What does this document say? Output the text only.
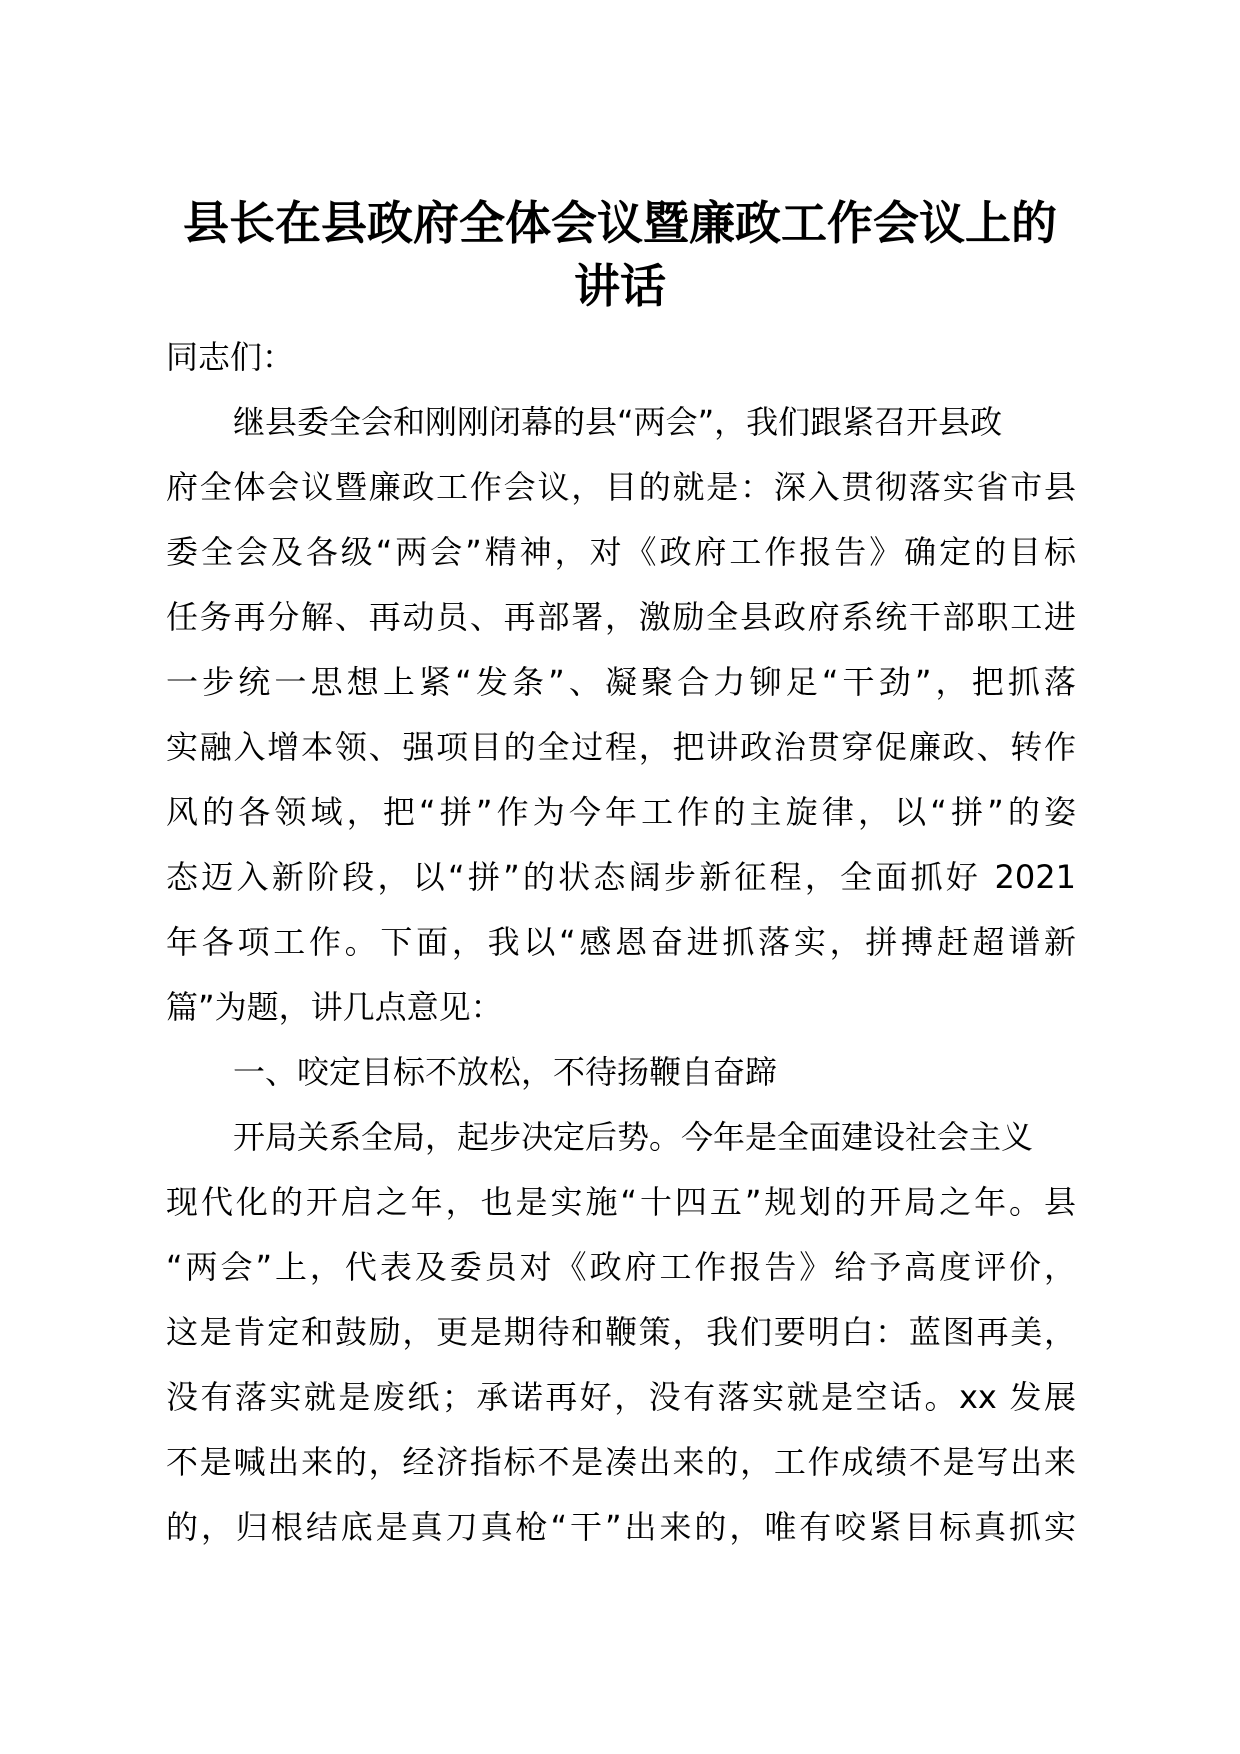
县长在县政府全体会议暨廉政工作会议上的
讲话
同志们：
继县委全会和刚刚闭幕的县“两会”，我们跟紧召开县政
府全体会议暨廉政工作会议，目的就是：深入贯彻落实省市县
委全会及各级“两会”精神，对《政府工作报告》确定的目标
任务再分解、再动员、再部署，激励全县政府系统干部职工进
一步统一思想上紧“发条”、凝聚合力铆足“干劲”，把抓落
实融入增本领、强项目的全过程，把讲政治贯穿促廉政、转作
风的各领域，把“拼”作为今年工作的主旋律，以“拼”的姿
态迈入新阶段，以“拼”的状态阔步新征程，全面抓好 2021
年各项工作。下面，我以“感恩奋进抓落实，拼搏赶超谱新
篇”为题，讲几点意见：
一、咬定目标不放松，不待扬鞭自奋蹄
开局关系全局，起步决定后势。今年是全面建设社会主义
现代化的开启之年，也是实施“十四五”规划的开局之年。县
“两会”上，代表及委员对《政府工作报告》给予高度评价，
这是肯定和鼓励，更是期待和鞭策，我们要明白：蓝图再美，
没有落实就是废纸；承诺再好，没有落实就是空话。xx 发展
不是喊出来的，经济指标不是凑出来的，工作成绩不是写出来
的，归根结底是真刀真枪“干”出来的，唯有咬紧目标真抓实
